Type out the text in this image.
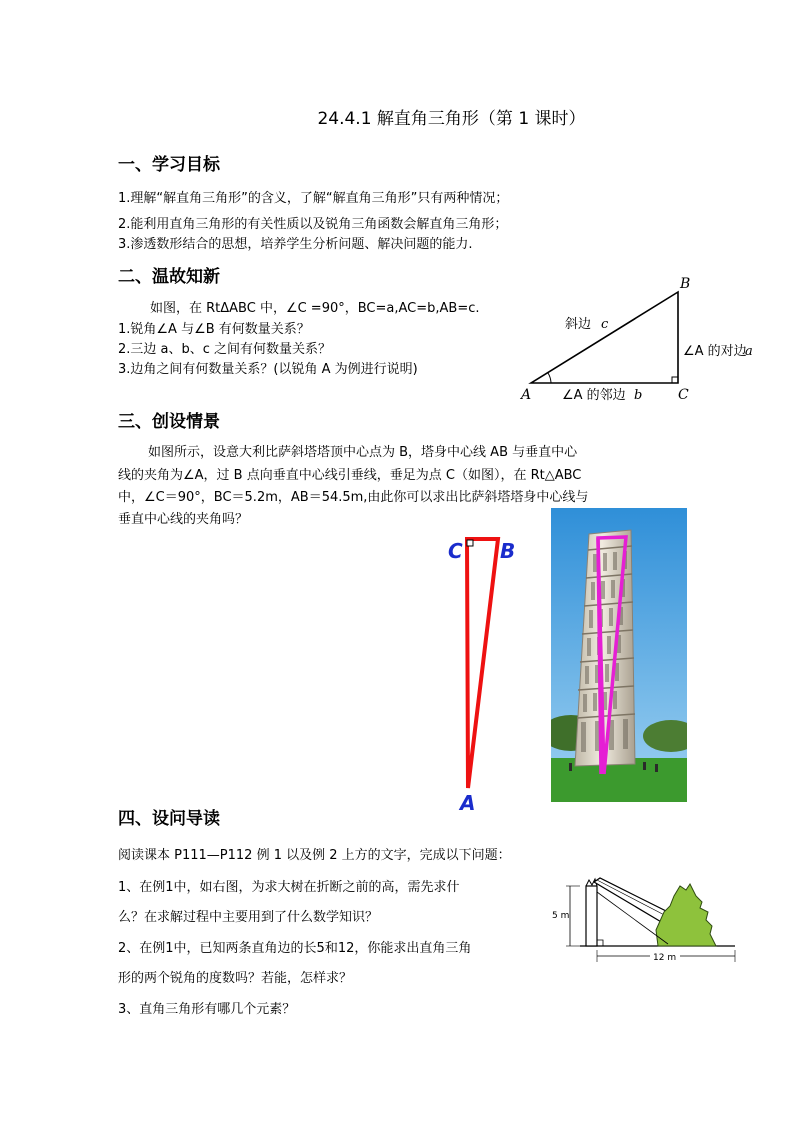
24.4.1 解直角三角形（第 1 课时）
一、学习目标
1.理解“解直角三角形”的含义，了解“解直角三角形”只有两种情况；
2.能利用直角三角形的有关性质以及锐角三角函数会解直角三角形；
3.渗透数形结合的思想，培养学生分析问题、解决问题的能力.
二、温故知新
如图，在 RtΔABC 中，∠C =90°，BC=a,AC=b,AB=c.
1.锐角∠A 与∠B 有何数量关系？
2.三边 a、b、c 之间有何数量关系？
3.边角之间有何数量关系？(以锐角 A 为例进行说明)
A
B
C
斜边 c
∠A 的对边
a
∠A 的邻边 b
三、创设情景
如图所示，设意大利比萨斜塔塔顶中心点为 B，塔身中心线 AB 与垂直中心
线的夹角为∠A，过 B 点向垂直中心线引垂线，垂足为点 C（如图），在 Rt△ABC
中，∠C＝90°，BC＝5.2m，AB＝54.5m,由此你可以求出比萨斜塔塔身中心线与
垂直中心线的夹角吗？
C B
A
四、设问导读
阅读课本 P111—P112 例 1 以及例 2 上方的文字，完成以下问题：
1、在例1中，如右图，为求大树在折断之前的高，需先求什
么？在求解过程中主要用到了什么数学知识？
2、在例1中，已知两条直角边的长5和12，你能求出直角三角
形的两个锐角的度数吗？若能，怎样求？
3、直角三角形有哪几个元素？
5 m
12 m
